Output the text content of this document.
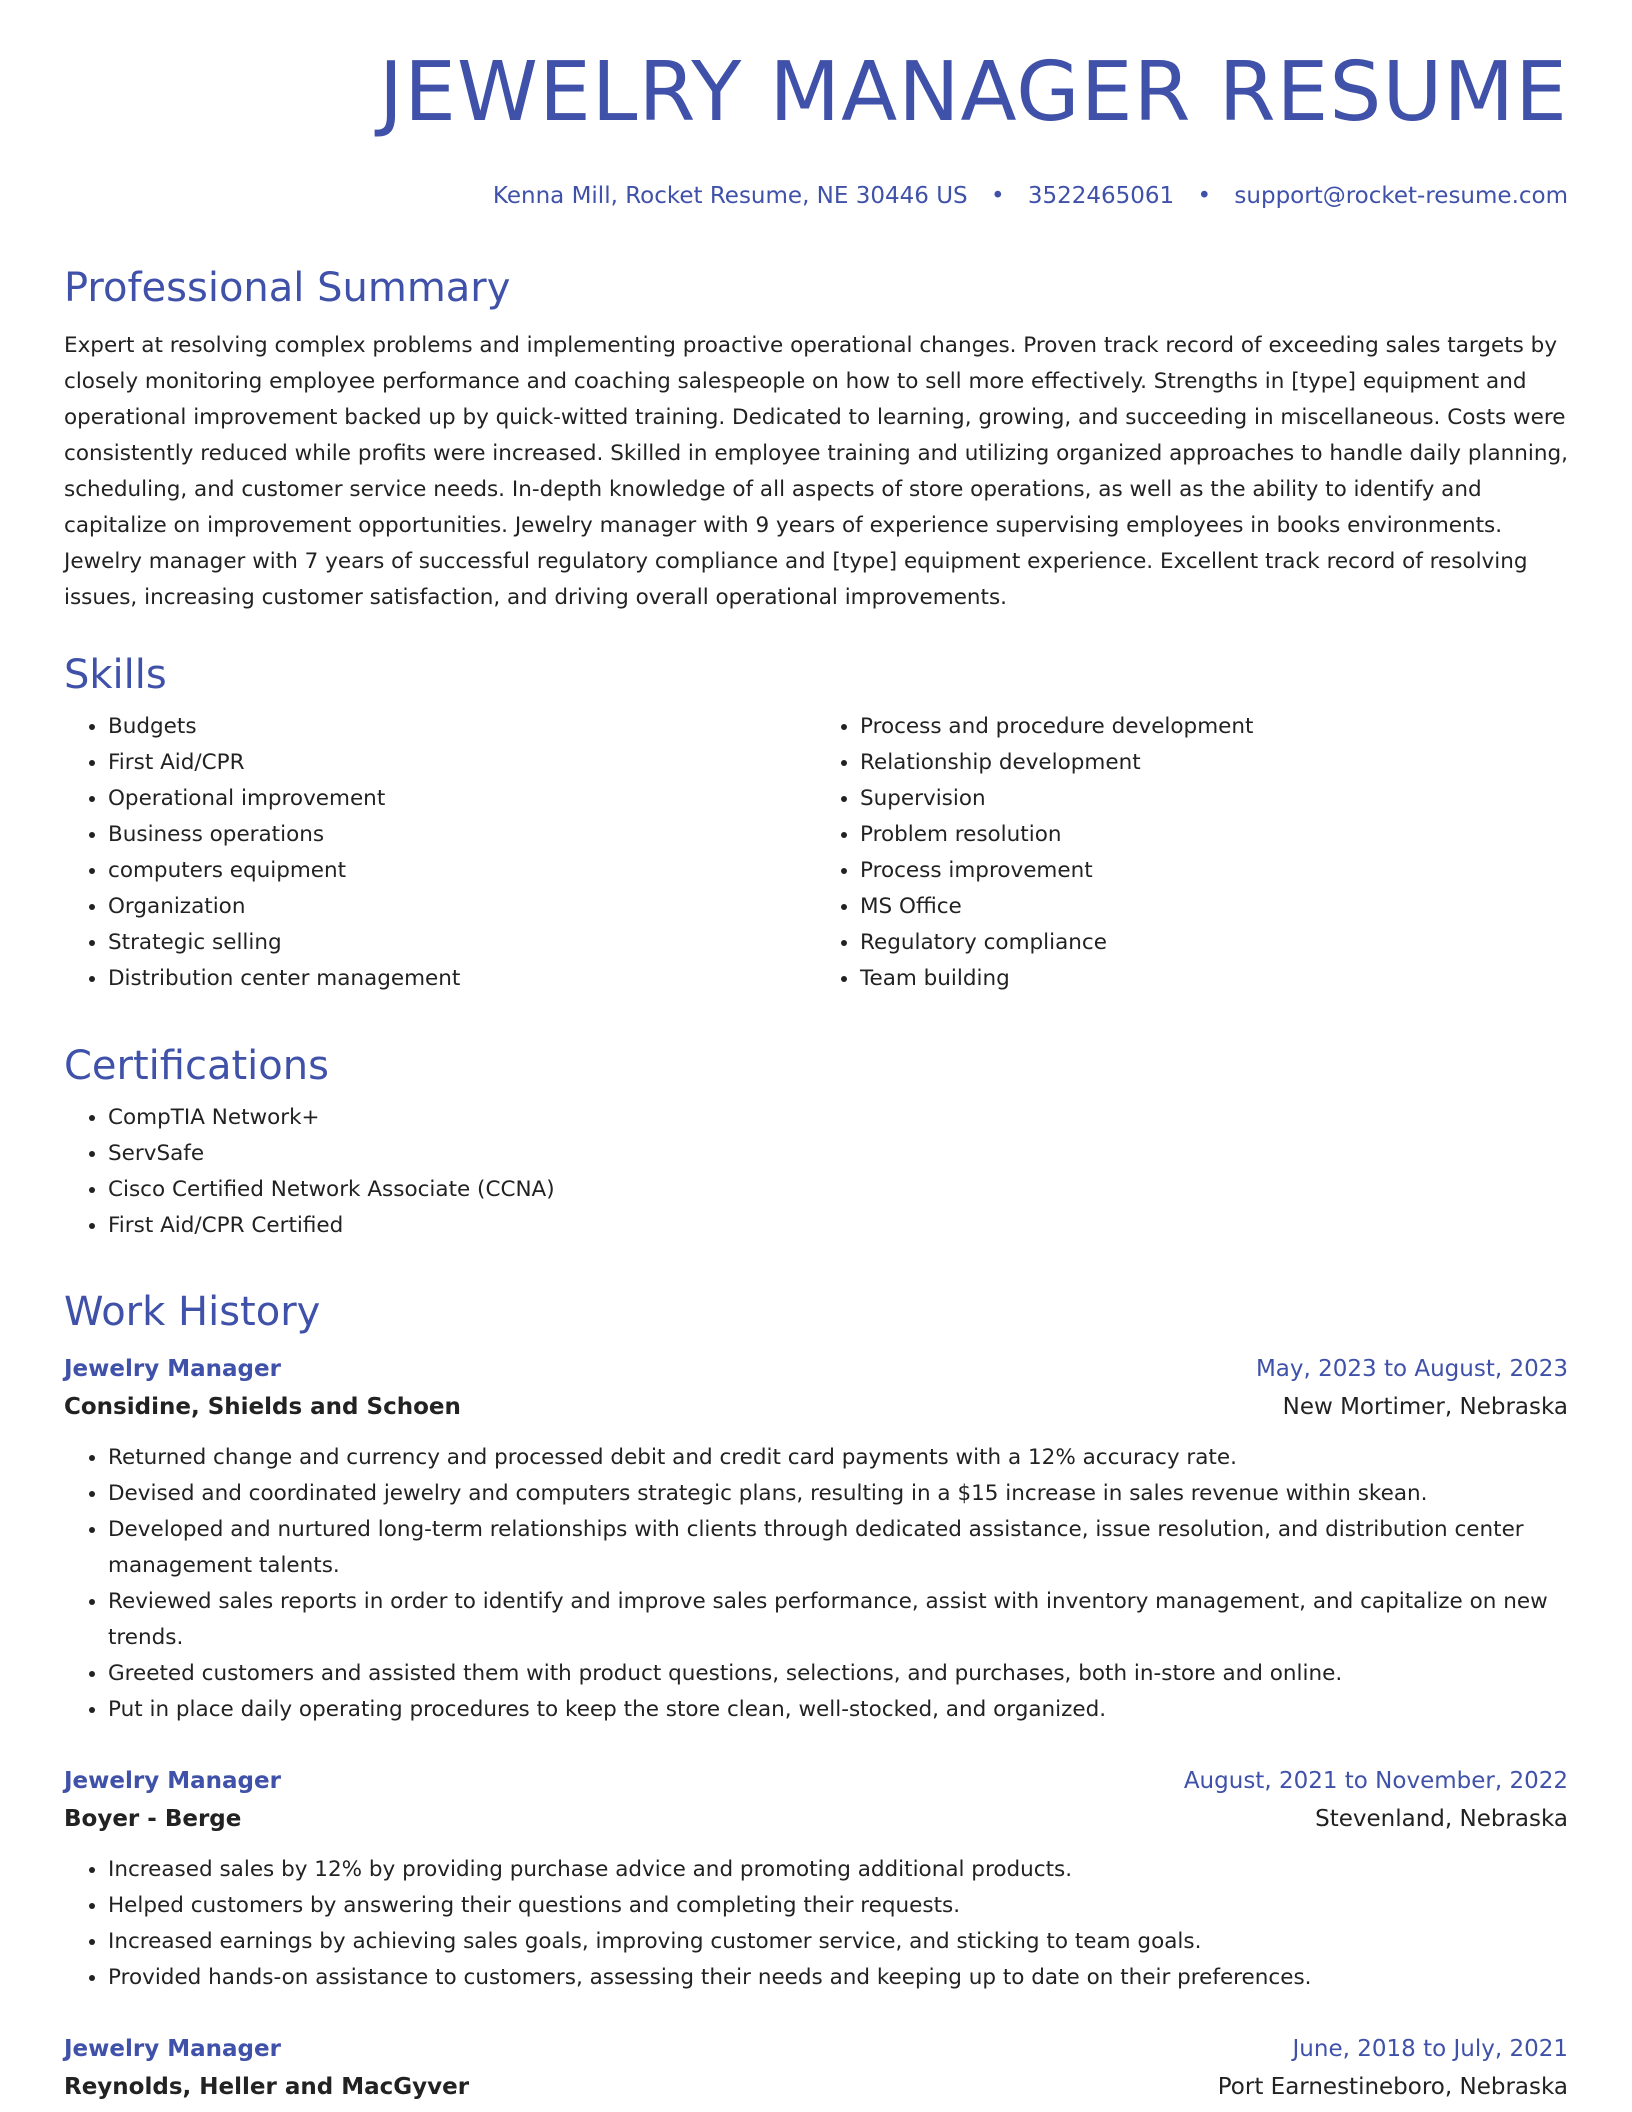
JEWELRY MANAGER RESUME
Kenna Mill, Rocket Resume, NE 30446 US • 3522465061 • support@rocket-resume.com
Professional Summary

Expert at resolving complex problems and implementing proactive operational changes. Proven track record of exceeding sales targets by closely monitoring employee performance and coaching salespeople on how to sell more effectively. Strengths in [type] equipment and operational improvement backed up by quick-witted training. Dedicated to learning, growing, and succeeding in miscellaneous. Costs were consistently reduced while profits were increased. Skilled in employee training and utilizing organized approaches to handle daily planning, scheduling, and customer service needs. In-depth knowledge of all aspects of store operations, as well as the ability to identify and capitalize on improvement opportunities. Jewelry manager with 9 years of experience supervising employees in books environments. Jewelry manager with 7 years of successful regulatory compliance and [type] equipment experience. Excellent track record of resolving issues, increasing customer satisfaction, and driving overall operational improvements.

Skills
• Budgets
• First Aid/CPR
• Operational improvement
• Business operations
• computers equipment
• Organization
• Strategic selling
• Distribution center management
• Process and procedure development
• Relationship development
• Supervision
• Problem resolution
• Process improvement
• MS Office
• Regulatory compliance
• Team building
Certifications
• CompTIA Network+
• ServSafe
• Cisco Certified Network Associate (CCNA)
• First Aid/CPR Certified
Work History
Jewelry Manager	May, 2023 to August, 2023
Considine, Shields and Schoen	New Mortimer, Nebraska
• Returned change and currency and processed debit and credit card payments with a 12% accuracy rate.
• Devised and coordinated jewelry and computers strategic plans, resulting in a $15 increase in sales revenue within skean.
• Developed and nurtured long-term relationships with clients through dedicated assistance, issue resolution, and distribution center management talents.
• Reviewed sales reports in order to identify and improve sales performance, assist with inventory management, and capitalize on new trends.
• Greeted customers and assisted them with product questions, selections, and purchases, both in-store and online.
• Put in place daily operating procedures to keep the store clean, well-stocked, and organized.
Jewelry Manager	August, 2021 to November, 2022
Boyer - Berge	Stevenland, Nebraska
• Increased sales by 12% by providing purchase advice and promoting additional products.
• Helped customers by answering their questions and completing their requests.
• Increased earnings by achieving sales goals, improving customer service, and sticking to team goals.
• Provided hands-on assistance to customers, assessing their needs and keeping up to date on their preferences.
Jewelry Manager	June, 2018 to July, 2021
Reynolds, Heller and MacGyver	Port Earnestineboro, Nebraska
